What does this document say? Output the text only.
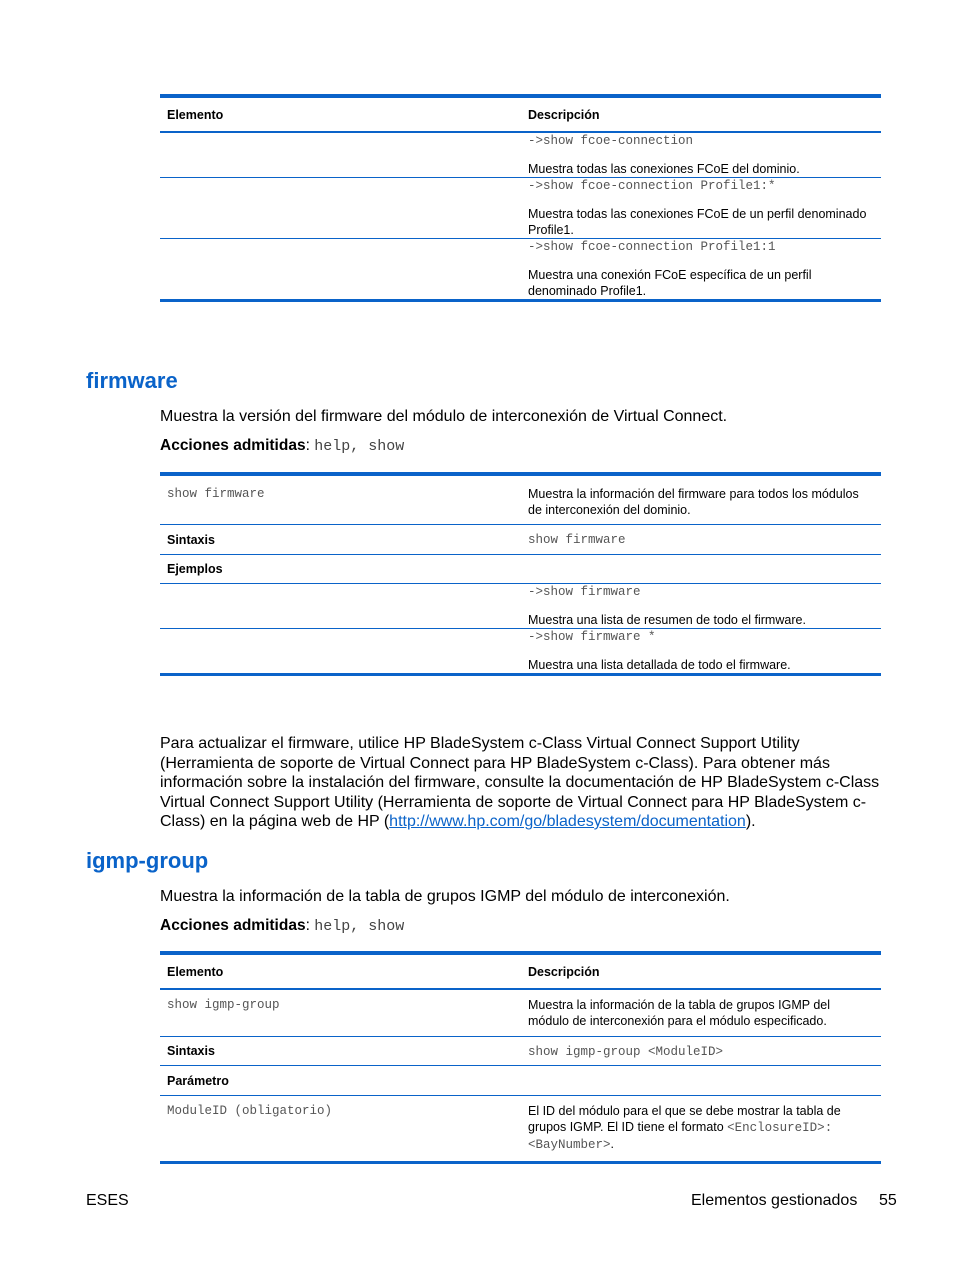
Elemento	Descripción

	->show fcoe-connection
Muestra todas las conexiones FCoE del dominio.

	->show fcoe-connection Profile1:*
Muestra todas las conexiones FCoE de un perfil denominado Profile1.

	->show fcoe-connection Profile1:1
Muestra una conexión FCoE específica de un perfil denominado Profile1.
firmware

Muestra la versión del firmware del módulo de interconexión de Virtual Connect.

Acciones admitidas: help, show

show firmware	Muestra la información del firmware para todos los módulos de interconexión del dominio.
Sintaxis	show firmware
Ejemplos	

	->show firmware
Muestra una lista de resumen de todo el firmware.

	->show firmware *
Muestra una lista detallada de todo el firmware.

Para actualizar el firmware, utilice HP BladeSystem c-Class Virtual Connect Support Utility (Herramienta de soporte de Virtual Connect para HP BladeSystem c-Class). Para obtener más información sobre la instalación del firmware, consulte la documentación de HP BladeSystem c-Class Virtual Connect Support Utility (Herramienta de soporte de Virtual Connect para HP BladeSystem c-Class) en la página web de HP (http://www.hp.com/go/bladesystem/documentation).

igmp-group

Muestra la información de la tabla de grupos IGMP del módulo de interconexión.

Acciones admitidas: help, show

Elemento	Descripción
show igmp-group	Muestra la información de la tabla de grupos IGMP del módulo de interconexión para el módulo especificado.
Sintaxis	show igmp-group <ModuleID>
Parámetro	
ModuleID (obligatorio)	El ID del módulo para el que se debe mostrar la tabla de grupos IGMP. El ID tiene el formato <EnclosureID>:<BayNumber>.
ESES	Elementos gestionados 55
